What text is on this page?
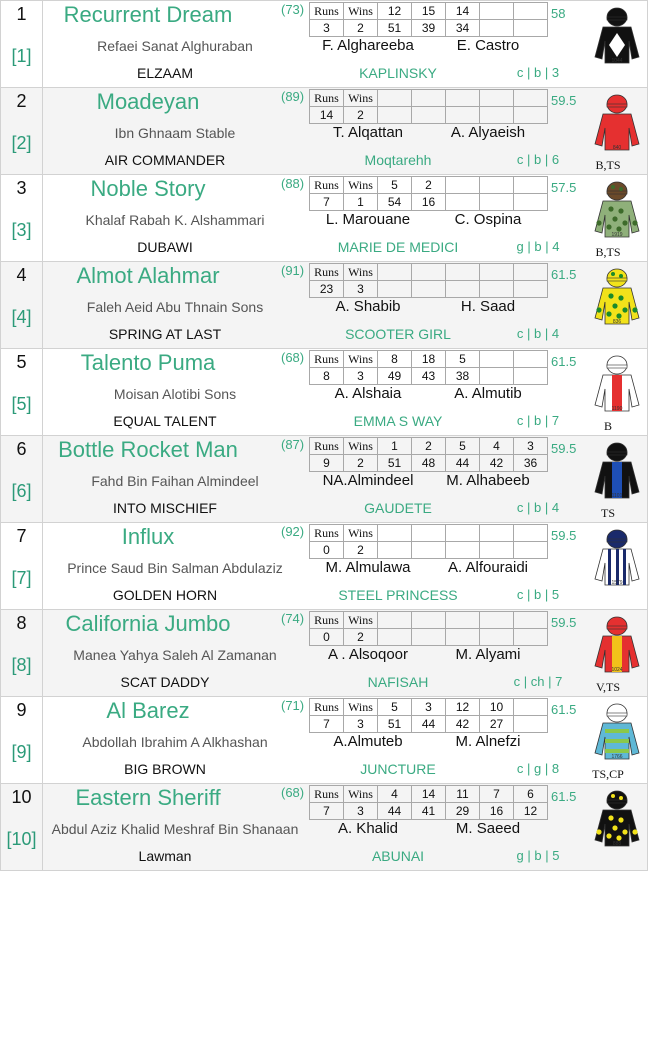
1
[1]
Recurrent Dream	(73)
Refaei Sanat Alghuraban
ELZAAM
F. Alghareeba	E. Castro
KAPLINSKY	c | b | 3
58
Runs Wins	12	15	14
3	2	51	39	34
1044
2
[2]
Moadeyan	(89)
Ibn Ghnaam Stable
AIR COMMANDER
T. Alqattan	A. Alyaeish
Moqtarehh	c | b | 6
59.5
Runs Wins
14	2
840
B,TS
3
[3]
Noble Story	(88)
Khalaf Rabah K. Alshammari
DUBAWI
L. Marouane	C. Ospina
MARIE DE MEDICI	g | b | 4
57.5
Runs Wins	5	2
7	1	54	16
1919
B,TS
4
[4]
Almot Alahmar	(91)
Faleh Aeid Abu Thnain Sons
SPRING AT LAST
A. Shabib	H. Saad
SCOOTER GIRL	c | b | 4
61.5
Runs Wins
23	3
836
5
[5]
Talento Puma	(68)
Moisan Alotibi Sons
EQUAL TALENT
A. Alshaia	A. Almutib
EMMA S WAY	c | b | 7
61.5
Runs Wins	8	18	5
8	3	49	43	38
1190
B
6
[6]
Bottle Rocket Man	(87)
Fahd Bin Faihan Almindeel
INTO MISCHIEF
NA.Almindeel	M. Alhabeeb
GAUDETE	c | b | 4
59.5
Runs Wins	1	2	5	4	3
9	2	51	48	44	42	36
1101
TS
7
[7]
Influx	(92)
Prince Saud Bin Salman Abdulaziz
GOLDEN HORN
M. Almulawa	A. Alfouraidi
STEEL PRINCESS	c | b | 5
59.5
Runs Wins
0	2
1579
8
[8]
California Jumbo	(74)
Manea Yahya Saleh Al Zamanan
SCAT DADDY
A . Alsoqoor	M. Alyami
NAFISAH	c | ch | 7
59.5
Runs Wins
0	2
1024
V,TS
9
[9]
Al Barez	(71)
Abdollah Ibrahim A Alkhashan
BIG BROWN
A.Almuteb	M. Alnefzi
JUNCTURE	c | g | 8
61.5
Runs Wins	5	3	12	10
7	3	51	44	42	27
1766
TS,CP
10
[10]
Eastern Sheriff	(68)
Abdul Aziz Khalid Meshraf Bin Shanaan
Lawman
A. Khalid	M. Saeed
ABUNAI	g | b | 5
61.5
Runs Wins	4	14	11	7	6
7	3	44	41	29	16	12
888
